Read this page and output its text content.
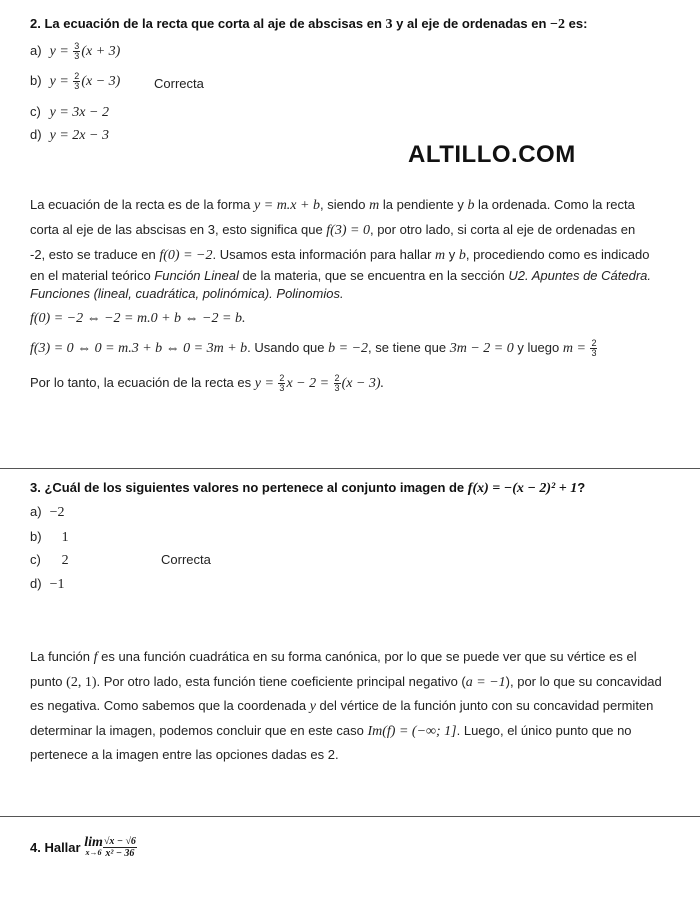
2. La ecuación de la recta que corta al aje de abscisas en 3 y al eje de ordenadas en −2 es:
a) $y = \frac{3}{3} (x + 3)$
b) $y = \frac{2}{3} (x - 3)$	Correcta
c) y = 3x − 2
d) y = 2x − 3
ALTILLO.COM

La ecuación de la recta es de la forma y = m.x + b, siendo m la pendiente y b la ordenada. Como la recta

corta al eje de las abscisas en 3, esto significa que f(3) = 0, por otro lado, si corta al eje de ordenadas en

-2, esto se traduce en f(0) = −2. Usamos esta información para hallar m y b, procediendo como es indicado

en el material teórico Función Lineal de la materia, que se encuentra en la sección U2. Apuntes de Cátedra.

Funciones (lineal, cuadrática, polinómica). Polinomios.

f(0) = −2 ⇔ −2 = m.0 + b ⇔ −2 = b.
f(3) = 0 ⇔ 0 = m.3 + b ⇔ 0 = 3m + b. Usando que b = −2, se tiene que 3m − 2 = 0 y luego $m = \frac{2}{3}$
Por lo tanto, la ecuación de la recta es $y = \frac{2}{3}$ $x - 2 = \frac{2}{3} (x - 3)$.
3. ¿Cuál de los siguientes valores no pertenece al conjunto imagen de f(x) = −(x − 2)² + 1?
a) −2
b) 1
c) 2	Correcta
d) −1

La función f es una función cuadrática en su forma canónica, por lo que se puede ver que su vértice es el

punto (2, 1). Por otro lado, esta función tiene coeficiente principal negativo (a = −1), por lo que su concavidad

es negativa. Como sabemos que la coordenada y del vértice de la función junto con su concavidad permiten

determinar la imagen, podemos concluir que en este caso Im(f) = (−∞; 1]. Luego, el único punto que no

pertenece a la imagen entre las opciones dadas es 2.

4. Hallar lim
$x\to 6 \frac{√x - √6}{\text{x² − 36}}$
